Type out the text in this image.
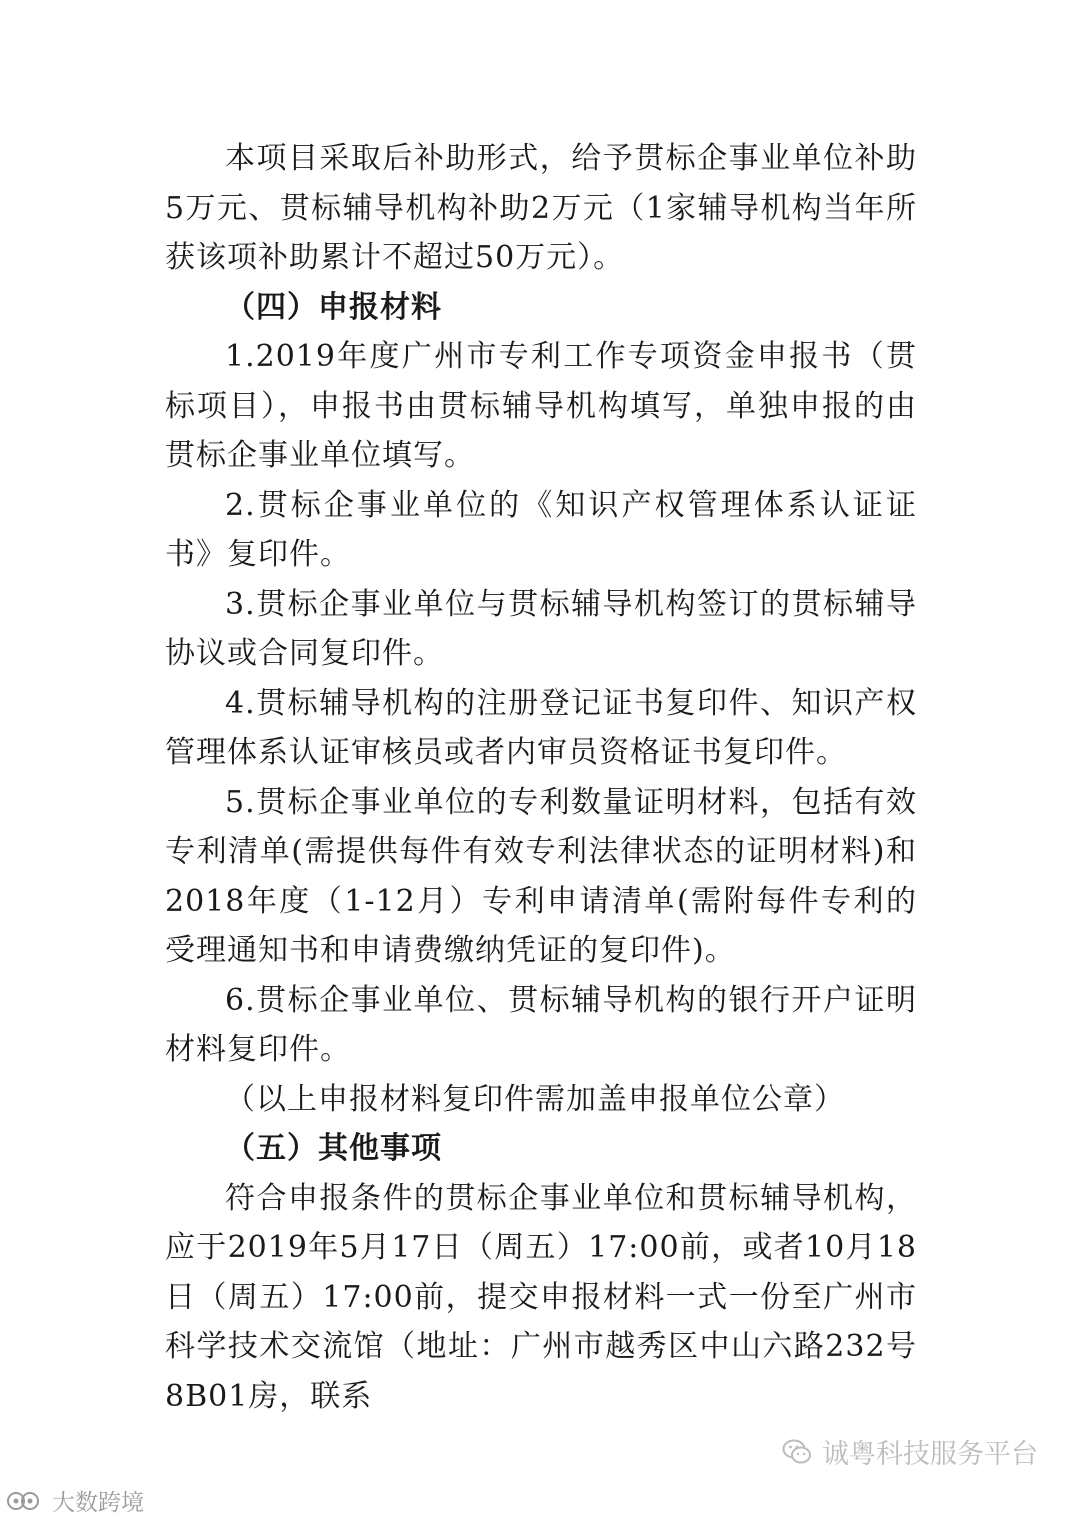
本项目采取后补助形式，给予贯标企事业单位补助5万元、贯标辅导机构补助2万元（1家辅导机构当年所获该项补助累计不超过50万元）。

（四）申报材料

1.2019年度广州市专利工作专项资金申报书（贯标项目），申报书由贯标辅导机构填写，单独申报的由贯标企事业单位填写。

2.贯标企事业单位的《知识产权管理体系认证证书》复印件。

3.贯标企事业单位与贯标辅导机构签订的贯标辅导协议或合同复印件。

4.贯标辅导机构的注册登记证书复印件、知识产权管理体系认证审核员或者内审员资格证书复印件。

5.贯标企事业单位的专利数量证明材料，包括有效专利清单(需提供每件有效专利法律状态的证明材料)和2018年度（1-12月）专利申请清单(需附每件专利的受理通知书和申请费缴纳凭证的复印件)。

6.贯标企事业单位、贯标辅导机构的银行开户证明材料复印件。

（以上申报材料复印件需加盖申报单位公章）

（五）其他事项

符合申报条件的贯标企事业单位和贯标辅导机构，应于2019年5月17日（周五）17:00前，或者10月18日（周五）17:00前，提交申报材料一式一份至广州市科学技术交流馆（地址：广州市越秀区中山六路232号8B01房，联系

诚粤科技服务平台
大数跨境
